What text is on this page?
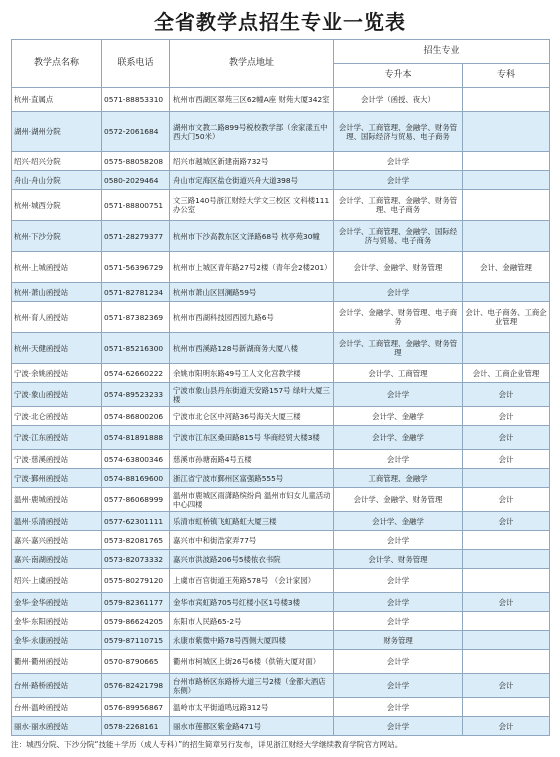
全省教学点招生专业一览表
教学点名称	联系电话	教学点地址	招生专业	
			专升本	专科
杭州·直属点	0571-88853310	杭州市西湖区翠苑三区62幢A座 财苑大厦342室	会计学（函授、夜大）	
湖州·湖州分院	0572-2061684	湖州市文教二路899号税校教学部（余家漾五中西大门50米）	会计学、工商管理、金融学、财务管理、国际经济与贸易、电子商务	
绍兴·绍兴分院	0575-88058208	绍兴市越城区新建南路732号	会计学	
舟山·舟山分院	0580-2029464	舟山市定海区盐仓街道兴舟大道398号	会计学	
杭州·城西分院	0571-88800751	文三路140号浙江财经大学文三校区 文科楼111办公室	会计学、工商管理、金融学、财务管理、电子商务	
杭州·下沙分院	0571-28279377	杭州市下沙高教东区文泽路68号 枕亭苑30幢	会计学、工商管理、金融学、国际经济与贸易、电子商务	
杭州·上城函授站	0571-56396729	杭州市上城区青年路27号2楼（青年会2楼201）	会计学、金融学、财务管理	会计、金融管理
杭州·萧山函授站	0571-82781234	杭州市萧山区回澜路59号	会计学	
杭州·育人函授站	0571-87382369	杭州市西湖科技园西园九路6号	会计学、金融学、财务管理、电子商务	会计、电子商务、工商企业管理
杭州·天健函授站	0571-85216300	杭州市西溪路128号新湖商务大厦八楼	会计学、工商管理、金融学、财务管理	
宁波·余姚函授站	0574-62660222	余姚市阳明东路49号工人文化宫教学楼	会计学、工商管理	会计、工商企业管理
宁波·象山函授站	0574-89523233	宁波市象山县丹东街道天安路157号 绿叶大厦三楼	会计学	会计
宁波·北仑函授站	0574-86800206	宁波市北仑区中河路36号海关大厦三楼	会计学、金融学	会计
宁波·江东函授站	0574-81891888	宁波市江东区桑田路815号 华商经贸大楼3楼	会计学、金融学	会计
宁波·慈溪函授站	0574-63800346	慈溪市孙塘南路4号五楼	会计学	会计
宁波·鄞州函授站	0574-88169600	浙江省宁波市鄞州区富强路555号	工商管理、金融学	
温州·鹿城函授站	0577-86068999	温州市鹿城区雨潇路缤纷尚 温州市妇女儿童活动中心四楼	会计学、金融学、财务管理	会计
温州·乐清函授站	0577-62301111	乐清市虹桥镇飞虹路虹大厦三楼	会计学、金融学	会计
嘉兴·嘉兴函授站	0573-82081765	嘉兴市中和街浩家弄77号	会计学	
嘉兴·南湖函授站	0573-82073332	嘉兴市洪波路206号5楼侬衣书院	会计学、财务管理	
绍兴·上虞函授站	0575-80279120	上虞市百官街道王苑路578号 （会计家园）	会计学	
金华·金华函授站	0579-82361177	金华市宾虹路705号红楼小区1号楼3楼	会计学	会计
金华·东阳函授站	0579-86624205	东阳市人民路65-2号	会计学	
金华·永康函授站	0579-87110715	永康市紫微中路78号西侧大厦四楼	财务管理	
衢州·衢州函授站	0570-8790665	衢州市柯城区上街26号6楼（供销大厦对面）	会计学	
台州·路桥函授站	0576-82421798	台州市路桥区东路桥大道三号2楼（金都大酒店东侧）	会计学	会计
台州·温岭函授站	0576-89956867	温岭市太平街道鸣远路312号	会计学	
丽水·丽水函授站	0578-2268161	丽水市莲都区紫金路471号	会计学	会计
注：城西分院、下沙分院“技能＋学历（成人专科）”的招生简章另行发布，详见浙江财经大学继续教育学院官方网站。
